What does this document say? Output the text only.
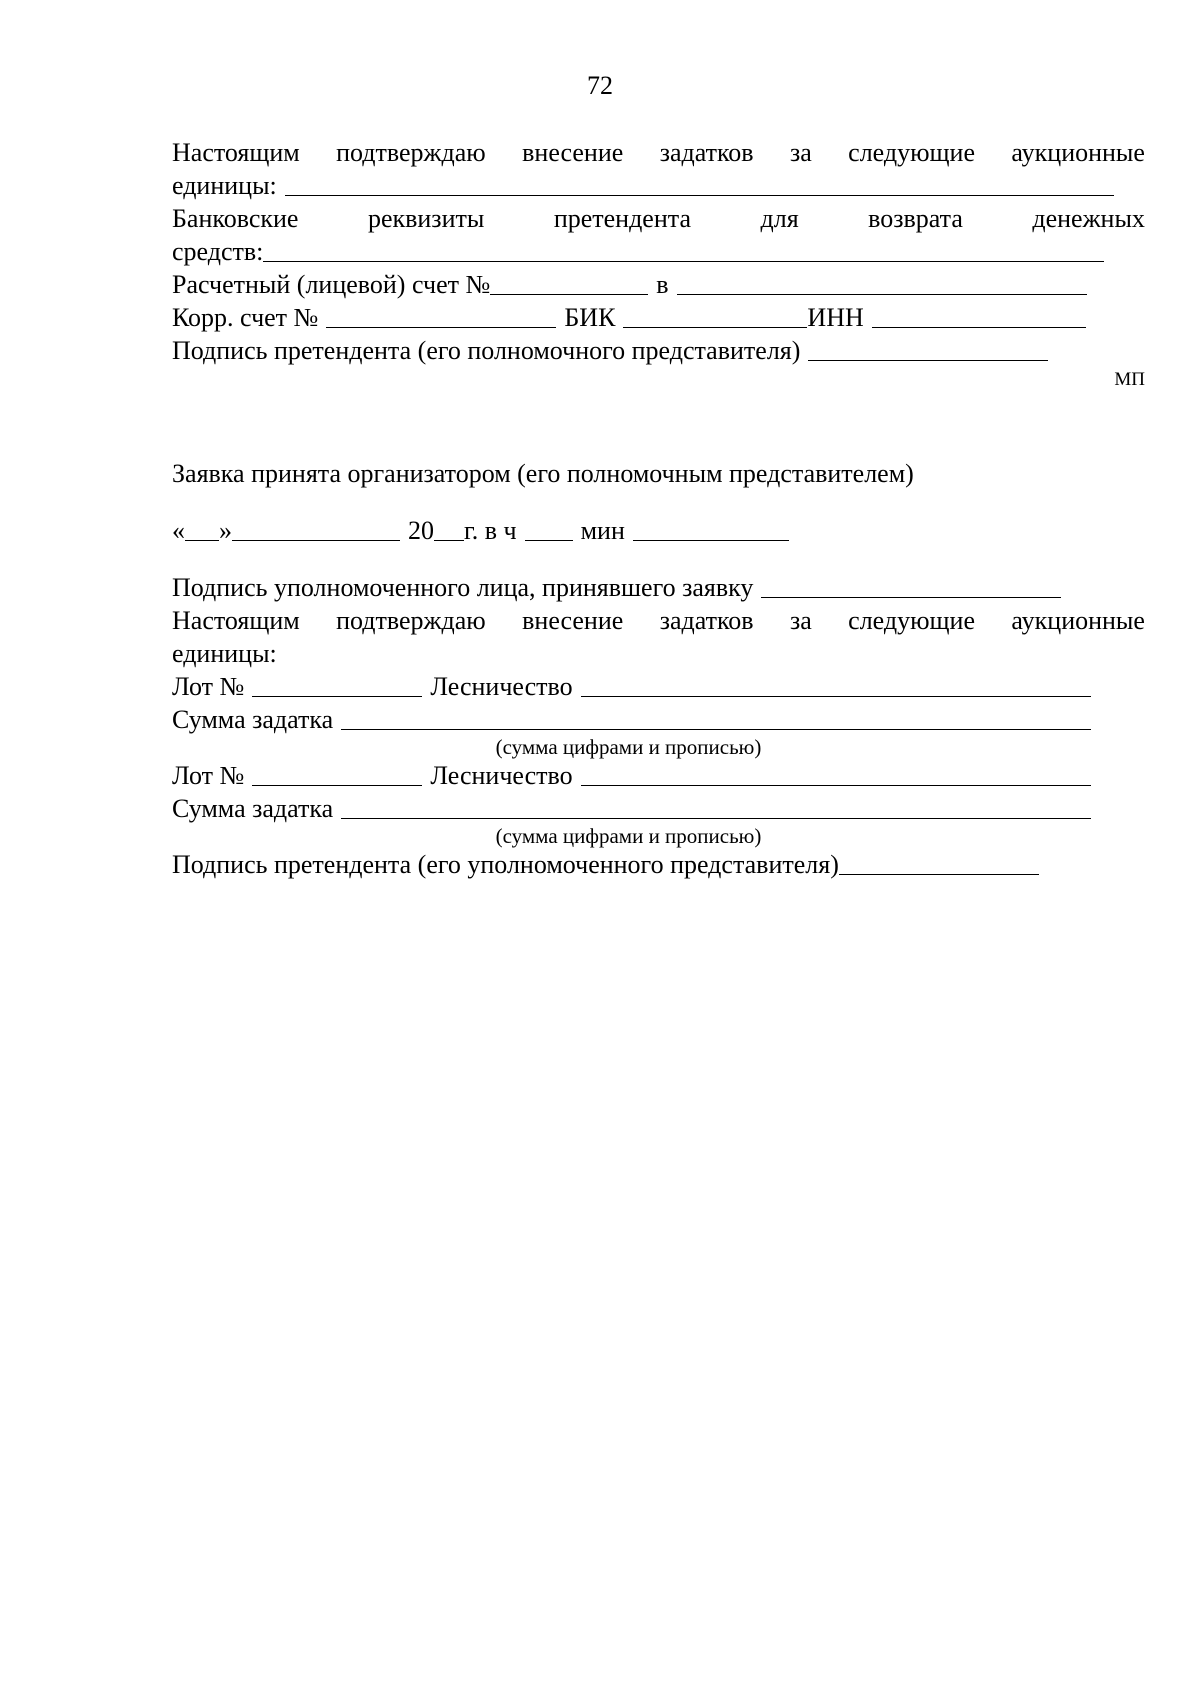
72
Настоящим подтверждаю внесение задатков за следующие аукционные
единицы:
Банковские	реквизиты	претендента	для	возврата	денежных
средств:
Расчетный (лицевой) счет №	в
Корр. счет №	БИК	ИНН
Подпись претендента (его полномочного представителя)
МП
Заявка принята организатором (его полномочным представителем)
« »	20 г. в ч мин
Подпись уполномоченного лица, принявшего заявку
Настоящим подтверждаю внесение задатков за следующие аукционные
единицы:
Лот №	Лесничество
Сумма задатка
(сумма цифрами и прописью)
Лот №	Лесничество
Сумма задатка
(сумма цифрами и прописью)
Подпись претендента (его уполномоченного представителя)
